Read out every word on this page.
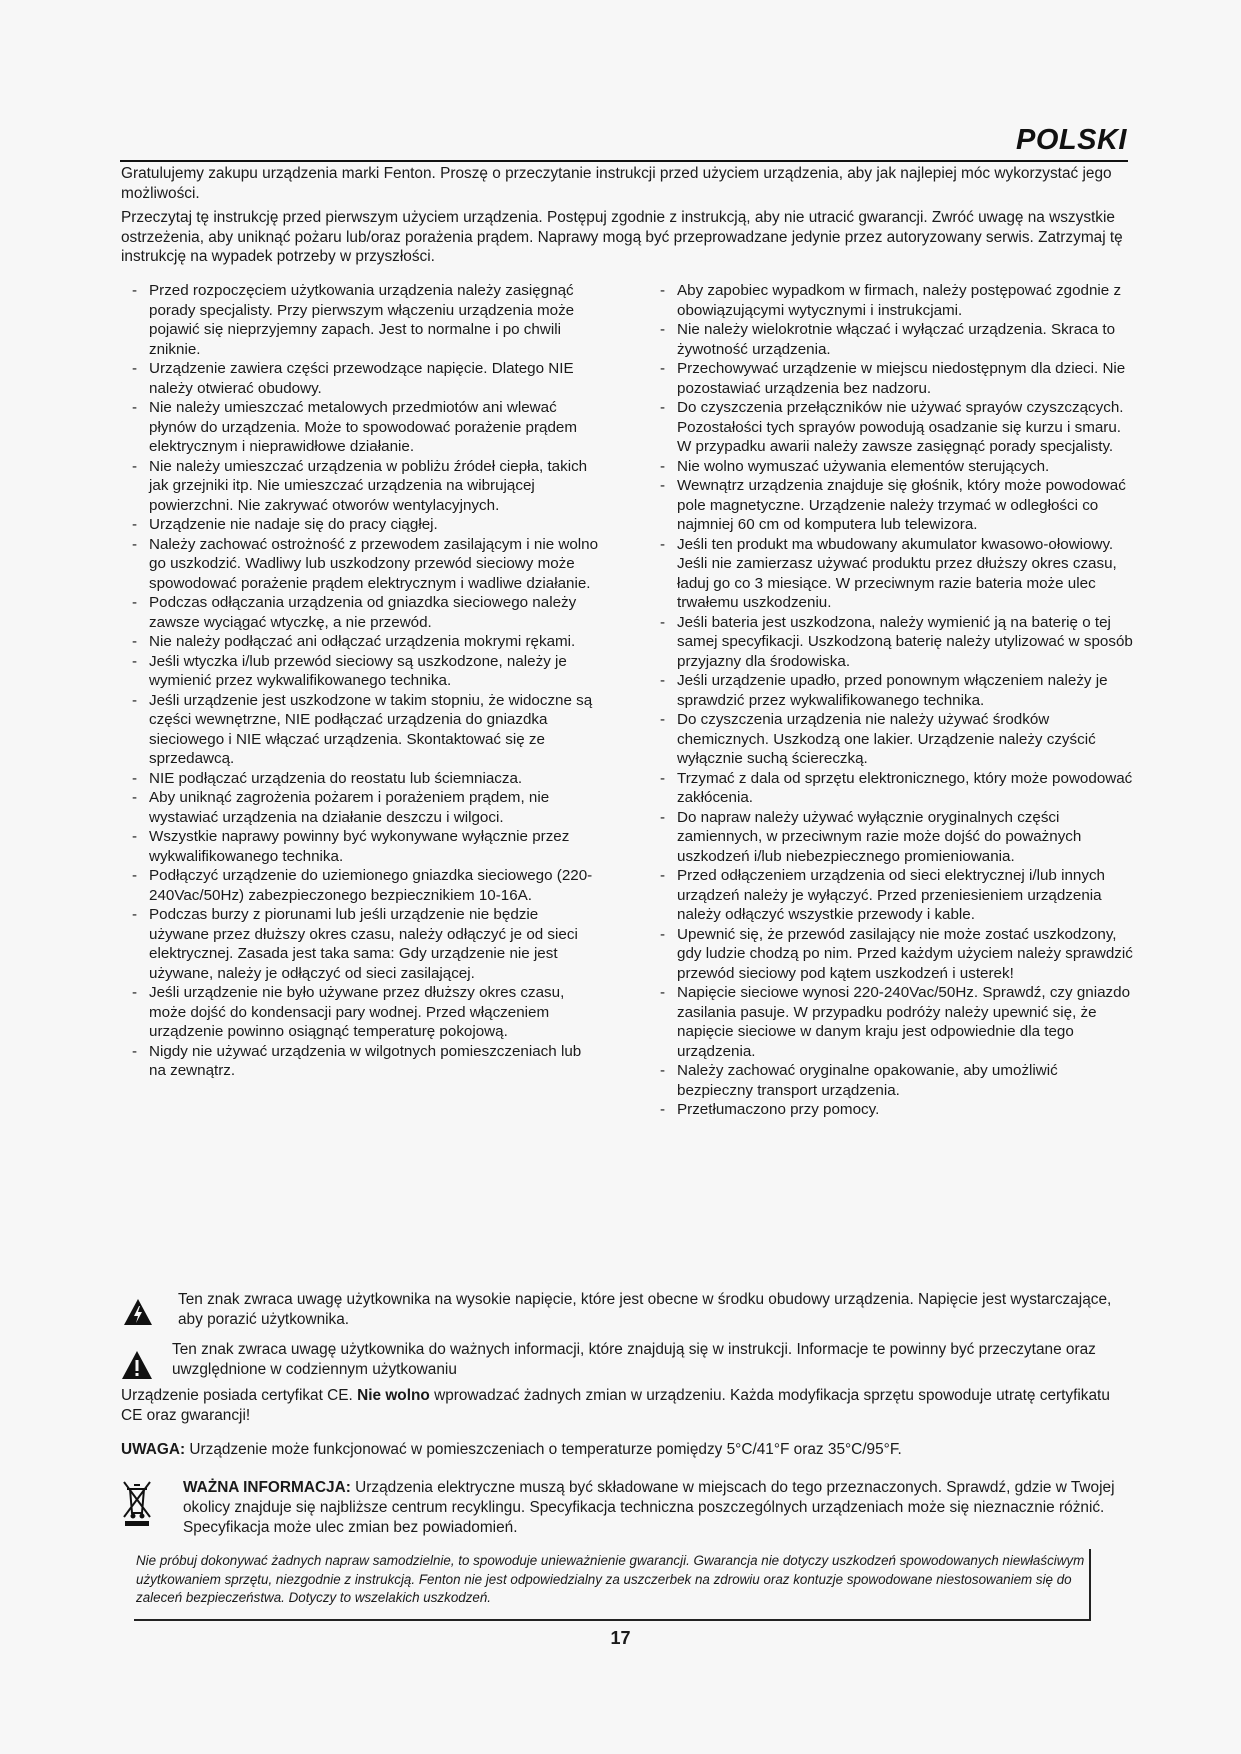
POLSKI

Gratulujemy zakupu urządzenia marki Fenton. Proszę o przeczytanie instrukcji przed użyciem urządzenia, aby jak najlepiej móc wykorzystać jego możliwości.

Przeczytaj tę instrukcję przed pierwszym użyciem urządzenia. Postępuj zgodnie z instrukcją, aby nie utracić gwarancji. Zwróć uwagę na wszystkie ostrzeżenia, aby uniknąć pożaru lub/oraz porażenia prądem. Naprawy mogą być przeprowadzane jedynie przez autoryzowany serwis. Zatrzymaj tę instrukcję na wypadek potrzeby w przyszłości.

- Przed rozpoczęciem użytkowania urządzenia należy zasięgnąć porady specjalisty. Przy pierwszym włączeniu urządzenia może pojawić się nieprzyjemny zapach. Jest to normalne i po chwili zniknie.
- Urządzenie zawiera części przewodzące napięcie. Dlatego NIE należy otwierać obudowy.
- Nie należy umieszczać metalowych przedmiotów ani wlewać płynów do urządzenia. Może to spowodować porażenie prądem elektrycznym i nieprawidłowe działanie.
- Nie należy umieszczać urządzenia w pobliżu źródeł ciepła, takich jak grzejniki itp. Nie umieszczać urządzenia na wibrującej powierzchni. Nie zakrywać otworów wentylacyjnych.
- Urządzenie nie nadaje się do pracy ciągłej.
- Należy zachować ostrożność z przewodem zasilającym i nie wolno go uszkodzić. Wadliwy lub uszkodzony przewód sieciowy może spowodować porażenie prądem elektrycznym i wadliwe działanie.
- Podczas odłączania urządzenia od gniazdka sieciowego należy zawsze wyciągać wtyczkę, a nie przewód.
- Nie należy podłączać ani odłączać urządzenia mokrymi rękami.
- Jeśli wtyczka i/lub przewód sieciowy są uszkodzone, należy je wymienić przez wykwalifikowanego technika.
- Jeśli urządzenie jest uszkodzone w takim stopniu, że widoczne są części wewnętrzne, NIE podłączać urządzenia do gniazdka sieciowego i NIE włączać urządzenia. Skontaktować się ze sprzedawcą.
- NIE podłączać urządzenia do reostatu lub ściemniacza.
- Aby uniknąć zagrożenia pożarem i porażeniem prądem, nie wystawiać urządzenia na działanie deszczu i wilgoci.
- Wszystkie naprawy powinny być wykonywane wyłącznie przez wykwalifikowanego technika.
- Podłączyć urządzenie do uziemionego gniazdka sieciowego (220-240Vac/50Hz) zabezpieczonego bezpiecznikiem 10-16A.
- Podczas burzy z piorunami lub jeśli urządzenie nie będzie używane przez dłuższy okres czasu, należy odłączyć je od sieci elektrycznej. Zasada jest taka sama: Gdy urządzenie nie jest używane, należy je odłączyć od sieci zasilającej.
- Jeśli urządzenie nie było używane przez dłuższy okres czasu, może dojść do kondensacji pary wodnej. Przed włączeniem urządzenie powinno osiągnąć temperaturę pokojową.
- Nigdy nie używać urządzenia w wilgotnych pomieszczeniach lub na zewnątrz.
- Aby zapobiec wypadkom w firmach, należy postępować zgodnie z obowiązującymi wytycznymi i instrukcjami.
- Nie należy wielokrotnie włączać i wyłączać urządzenia. Skraca to żywotność urządzenia.
- Przechowywać urządzenie w miejscu niedostępnym dla dzieci. Nie pozostawiać urządzenia bez nadzoru.
- Do czyszczenia przełączników nie używać sprayów czyszczących. Pozostałości tych sprayów powodują osadzanie się kurzu i smaru. W przypadku awarii należy zawsze zasięgnąć porady specjalisty.
- Nie wolno wymuszać używania elementów sterujących.
- Wewnątrz urządzenia znajduje się głośnik, który może powodować pole magnetyczne. Urządzenie należy trzymać w odległości co najmniej 60 cm od komputera lub telewizora.
- Jeśli ten produkt ma wbudowany akumulator kwasowo-ołowiowy. Jeśli nie zamierzasz używać produktu przez dłuższy okres czasu, ładuj go co 3 miesiące. W przeciwnym razie bateria może ulec trwałemu uszkodzeniu.
- Jeśli bateria jest uszkodzona, należy wymienić ją na baterię o tej samej specyfikacji. Uszkodzoną baterię należy utylizować w sposób przyjazny dla środowiska.
- Jeśli urządzenie upadło, przed ponownym włączeniem należy je sprawdzić przez wykwalifikowanego technika.
- Do czyszczenia urządzenia nie należy używać środków chemicznych. Uszkodzą one lakier. Urządzenie należy czyścić wyłącznie suchą ściereczką.
- Trzymać z dala od sprzętu elektronicznego, który może powodować zakłócenia.
- Do napraw należy używać wyłącznie oryginalnych części zamiennych, w przeciwnym razie może dojść do poważnych uszkodzeń i/lub niebezpiecznego promieniowania.
- Przed odłączeniem urządzenia od sieci elektrycznej i/lub innych urządzeń należy je wyłączyć. Przed przeniesieniem urządzenia należy odłączyć wszystkie przewody i kable.
- Upewnić się, że przewód zasilający nie może zostać uszkodzony, gdy ludzie chodzą po nim. Przed każdym użyciem należy sprawdzić przewód sieciowy pod kątem uszkodzeń i usterek!
- Napięcie sieciowe wynosi 220-240Vac/50Hz. Sprawdź, czy gniazdo zasilania pasuje. W przypadku podróży należy upewnić się, że napięcie sieciowe w danym kraju jest odpowiednie dla tego urządzenia.
- Należy zachować oryginalne opakowanie, aby umożliwić bezpieczny transport urządzenia.
- Przetłumaczono przy pomocy.

Ten znak zwraca uwagę użytkownika na wysokie napięcie, które jest obecne w środku obudowy urządzenia. Napięcie jest wystarczające, aby porazić użytkownika.

Ten znak zwraca uwagę użytkownika do ważnych informacji, które znajdują się w instrukcji. Informacje te powinny być przeczytane oraz uwzględnione w codziennym użytkowaniu

Urządzenie posiada certyfikat CE. Nie wolno wprowadzać żadnych zmian w urządzeniu. Każda modyfikacja sprzętu spowoduje utratę certyfikatu CE oraz gwarancji!

UWAGA: Urządzenie może funkcjonować w pomieszczeniach o temperaturze pomiędzy 5°C/41°F oraz 35°C/95°F.

WAŻNA INFORMACJA: Urządzenia elektryczne muszą być składowane w miejscach do tego przeznaczonych. Sprawdź, gdzie w Twojej okolicy znajduje się najbliższe centrum recyklingu. Specyfikacja techniczna poszczególnych urządzeniach może się nieznacznie różnić. Specyfikacja może ulec zmian bez powiadomień.

Nie próbuj dokonywać żadnych napraw samodzielnie, to spowoduje unieważnienie gwarancji. Gwarancja nie dotyczy uszkodzeń spowodowanych niewłaściwym użytkowaniem sprzętu, niezgodnie z instrukcją. Fenton nie jest odpowiedzialny za uszczerbek na zdrowiu oraz kontuzje spowodowane niestosowaniem się do zaleceń bezpieczeństwa. Dotyczy to wszelakich uszkodzeń.
17
